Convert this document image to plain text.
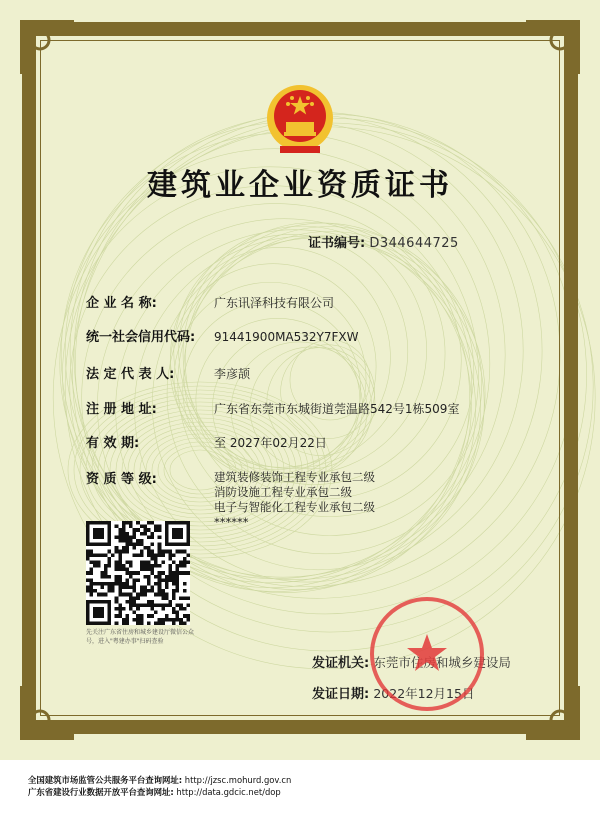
建筑业企业资质证书
证书编号: D344644725
企 业 名 称:	广东讯泽科技有限公司
统一社会信用代码: 91441900MA532Y7FXW
法 定 代 表 人:	李彦颉
注 册 地 址:	广东省东莞市东城街道莞温路542号1栋509室
有 效 期:	至 2027年02月22日
资 质 等 级:	建筑装修装饰工程专业承包二级
消防设施工程专业承包二级
电子与智能化工程专业承包二级
******
先关注广东省住房和城乡建设厅微信公众号，进入"粤建办事"扫码查验
发证机关: 东莞市住房和城乡建设局
发证日期: 2022年12月15日
全国建筑市场监管公共服务平台查询网址: http://jzsc.mohurd.gov.cn
广东省建设行业数据开放平台查询网址: http://data.gdcic.net/dop
